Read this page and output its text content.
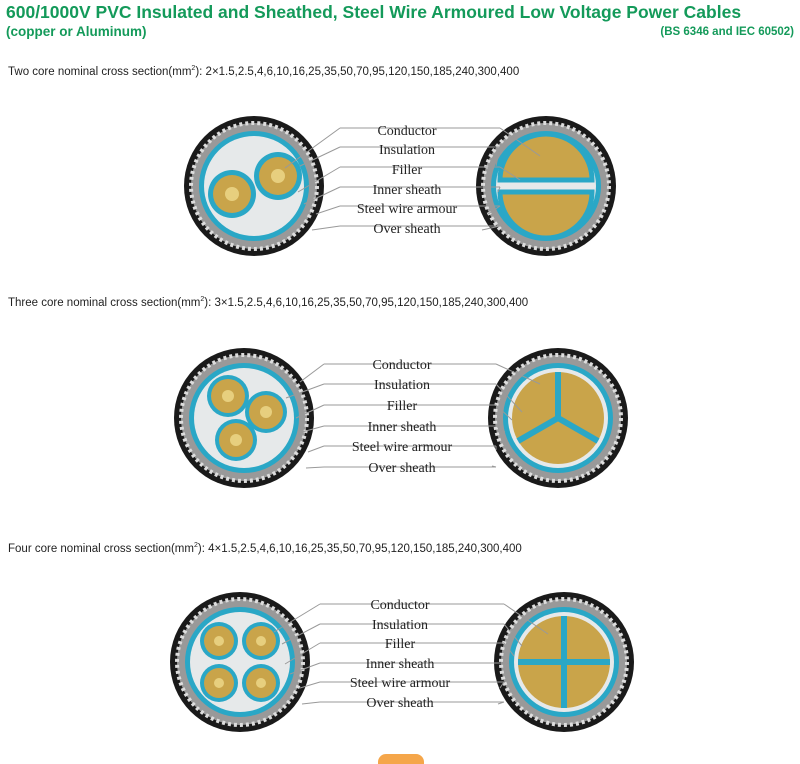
600/1000V PVC Insulated and Sheathed, Steel Wire Armoured Low Voltage Power Cables
(copper or Aluminum)	(BS 6346 and IEC 60502)
Two core nominal cross $section(mm^2)$: 2×1.5,2.5,4,6,10,16,25,35,50,70,95,120,150,185,240,300,400
Conductor
Insulation
Filler
Inner sheath
Steel wire armour
Over sheath
Three core nominal cross $section(mm^2)$: 3×1.5,2.5,4,6,10,16,25,35,50,70,95,120,150,185,240,300,400
Conductor
Insulation
Filler
Inner sheath
Steel wire armour
Over sheath
Four core nominal cross $section(mm^2)$: 4×1.5,2.5,4,6,10,16,25,35,50,70,95,120,150,185,240,300,400
Conductor
Insulation
Filler
Inner sheath
Steel wire armour
Over sheath
